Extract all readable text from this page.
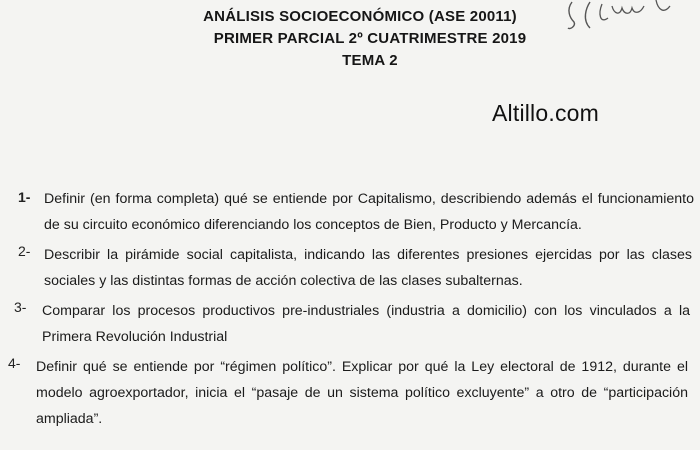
ANÁLISIS SOCIOECONÓMICO (ASE 20011)
PRIMER PARCIAL 2º CUATRIMESTRE 2019
TEMA 2
Altillo.com
1- Definir (en forma completa) qué se entiende por Capitalismo, describiendo además el funcionamiento de su circuito económico diferenciando los conceptos de Bien, Producto y Mercancía.
2- Describir la pirámide social capitalista, indicando las diferentes presiones ejercidas por las clases sociales y las distintas formas de acción colectiva de las clases subalternas.
3- Comparar los procesos productivos pre-industriales (industria a domicilio) con los vinculados a la Primera Revolución Industrial
4- Definir qué se entiende por “régimen político”. Explicar por qué la Ley electoral de 1912, durante el modelo agroexportador, inicia el “pasaje de un sistema político excluyente” a otro de “participación ampliada”.
